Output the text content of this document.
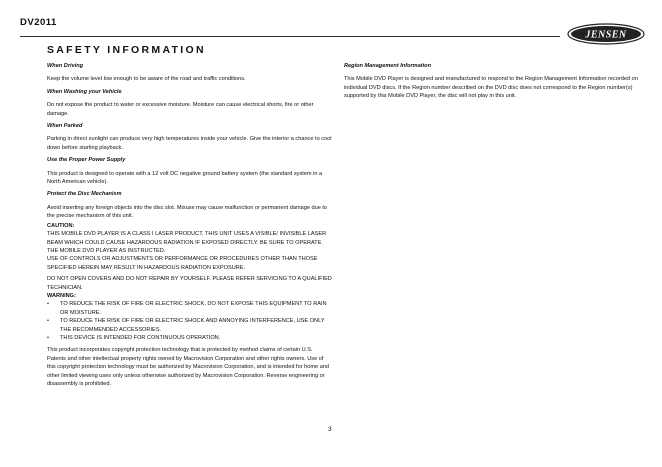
DV2011
JENSEN
SAFETY INFORMATION
When Driving

Keep the volume level low enough to be aware of the road and traffic conditions.

When Washing your Vehicle

Do not expose the product to water or excessive moisture. Moisture can cause electrical shorts, fire or other damage.

When Parked

Parking in direct sunlight can produce very high temperatures inside your vehicle. Give the interior a chance to cool down before starting playback.

Use the Proper Power Supply

This product is designed to operate with a 12 volt DC negative ground battery system (the standard system in a North American vehicle).

Protect the Disc Mechanism

Avoid inserting any foreign objects into the disc slot. Misuse may cause malfunction or permanent damage due to the precise mechanism of this unit.

CAUTION:

THIS MOBILE DVD PLAYER IS A CLASS I LASER PRODUCT. THIS UNIT USES A VISIBLE/ INVISIBLE LASER BEAM WHICH COULD CAUSE HAZARDOUS RADIATION IF EXPOSED DIRECTLY. BE SURE TO OPERATE THE MOBILE DVD PLAYER AS INSTRUCTED.

USE OF CONTROLS OR ADJUSTMENTS OR PERFORMANCE OR PROCEDURES OTHER THAN THOSE SPECIFIED HEREIN MAY RESULT IN HAZARDOUS RADIATION EXPOSURE.

DO NOT OPEN COVERS AND DO NOT REPAIR BY YOURSELF. PLEASE REFER SERVICING TO A QUALIFIED TECHNICIAN.

WARNING:

• TO REDUCE THE RISK OF FIRE OR ELECTRIC SHOCK, DO NOT EXPOSE THIS EQUIPMENT TO RAIN OR MOISTURE.
• TO REDUCE THE RISK OF FIRE OR ELECTRIC SHOCK AND ANNOYING INTERFERENCE, USE ONLY THE RECOMMENDED ACCESSORIES.
• THIS DEVICE IS INTENDED FOR CONTINUOUS OPERATION.

This product incorporates copyright protection technology that is protected by method claims of certain U.S. Patents and other intellectual property rights owned by Macrovision Corporation and other rights owners. Use of this copyright protection technology must be authorized by Macrovision Corporation, and is intended for home and other limited viewing uses only unless otherwise authorized by Macrovision Corporation. Reverse engineering or disassembly is prohibited.

Region Management Information

This Mobile DVD Player is designed and manufactured to respond to the Region Management Information recorded on individual DVD discs. If the Region number described on the DVD disc does not correspond to the Region number(s) supported by this Mobile DVD Player, the disc will not play in this unit.

3
